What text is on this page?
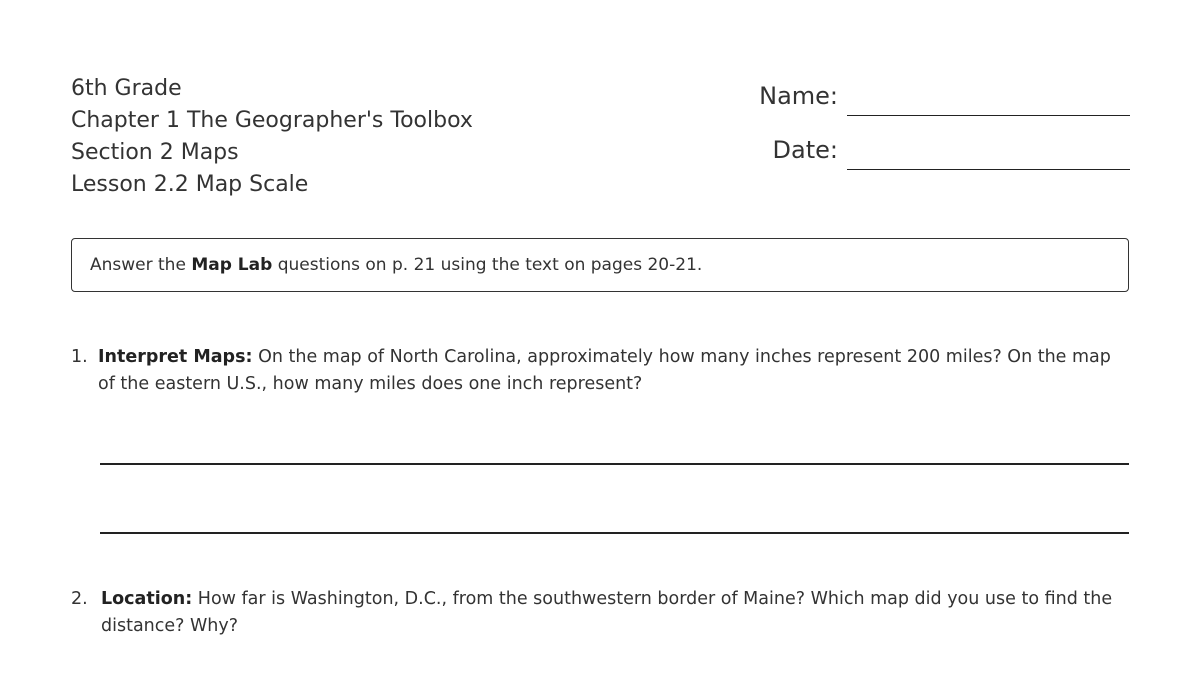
6th Grade
Chapter 1 The Geographer's Toolbox
Section 2 Maps
Lesson 2.2 Map Scale
Name:
Date:
Answer the
Map Lab
questions on p. 21 using the text on pages 20-21.
1. Interpret Maps: On the map of North Carolina, approximately how many inches represent 200 miles? On the map of the eastern U.S., how many miles does one inch represent?
2. Location: How far is Washington, D.C., from the southwestern border of Maine? Which map did you use to find the distance? Why?
